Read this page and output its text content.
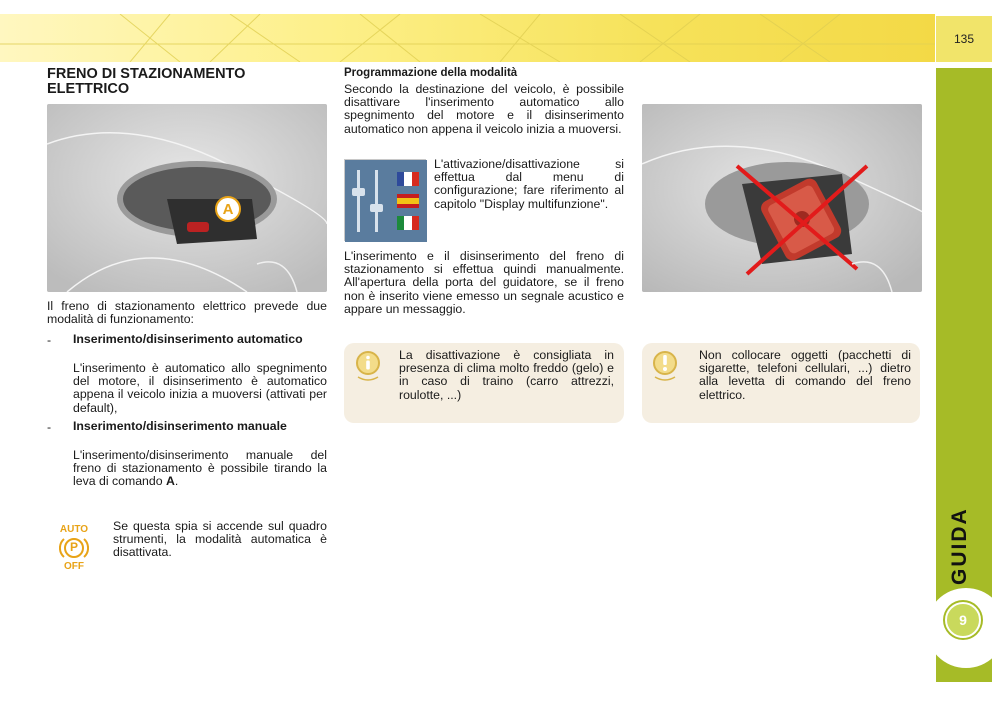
135
GUIDA
9
FRENO DI STAZIONAMENTO ELETTRICO
A

Il freno di stazionamento elettrico prevede due modalità di funzionamento:

- Inserimento/disinserimento automatico

L'inserimento è automatico allo spegnimento del motore, il disinserimento è automatico appena il veicolo inizia a muoversi (attivati per default),

- Inserimento/disinserimento manuale

L'inserimento/disinserimento manuale del freno di stazionamento è possibile tirando la leva di comando A.

AUTO
P
OFF

Se questa spia si accende sul quadro strumenti, la modalità automatica è disattivata.

Programmazione della modalità

Secondo la destinazione del veicolo, è possibile disattivare l'inserimento automatico allo spegnimento del motore e il disinserimento automatico non appena il veicolo inizia a muoversi.

L'attivazione/disattivazione si effettua dal menu di configurazione; fare riferimento al capitolo "Display multifunzione".

L'inserimento e il disinserimento del freno di stazionamento si effettua quindi manualmente. All'apertura della porta del guidatore, se il freno non è inserito viene emesso un segnale acustico e appare un messaggio.

La disattivazione è consigliata in presenza di clima molto freddo (gelo) e in caso di traino (carro attrezzi, roulotte, ...)

Non collocare oggetti (pacchetti di sigarette, telefoni cellulari, ...) dietro alla levetta di comando del freno elettrico.
